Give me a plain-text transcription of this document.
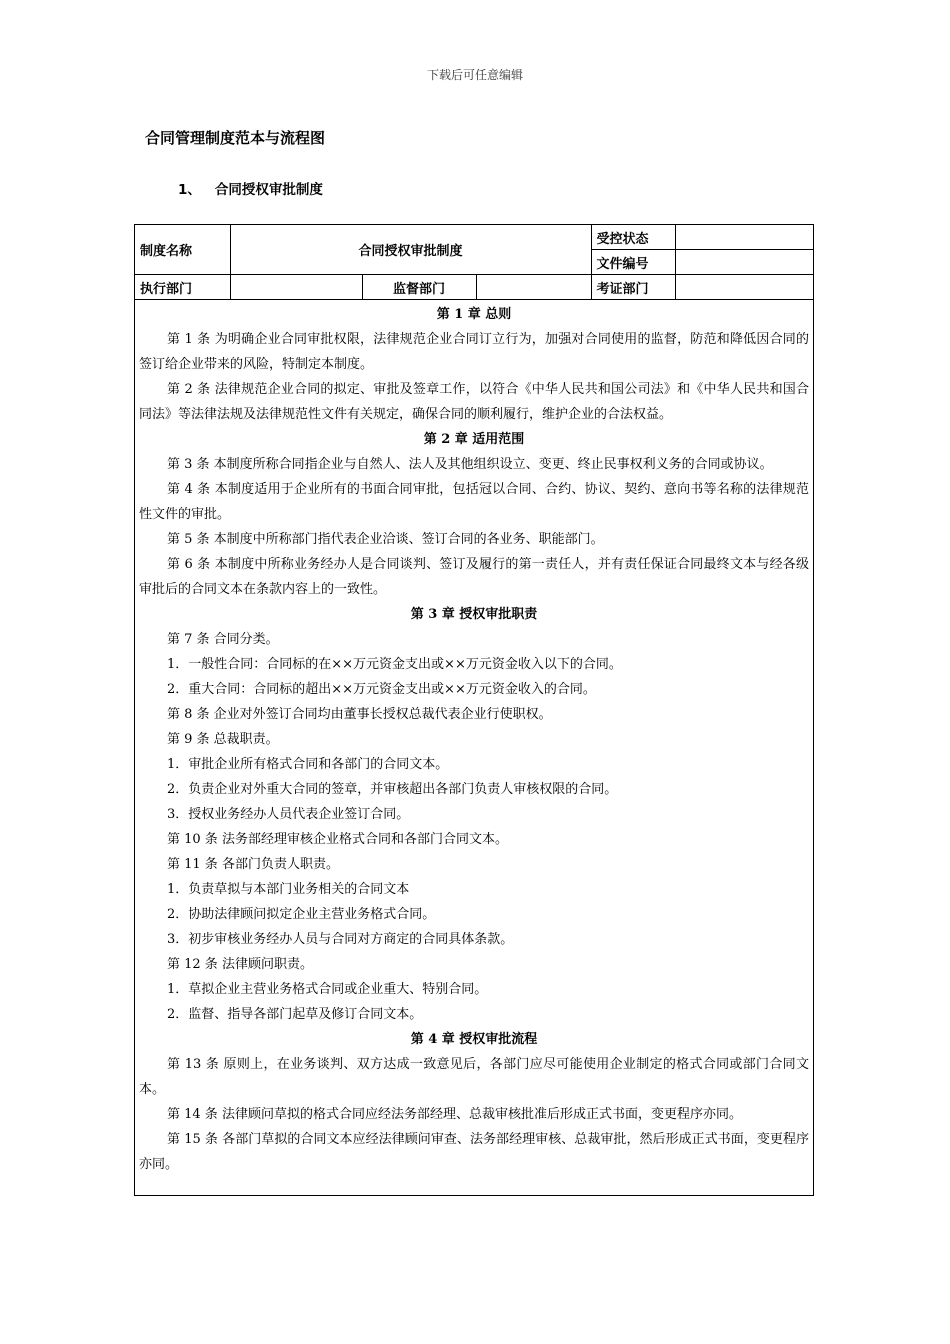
下载后可任意编辑
合同管理制度范本与流程图
1、 合同授权审批制度
制度名称	合同授权审批制度			受控状态	
				文件编号	
执行部门		监督部门		考证部门	

第 1 章 总则

第 1 条 为明确企业合同审批权限，法律规范企业合同订立行为，加强对合同使用的监督，防范和降低因合同的签订给企业带来的风险，特制定本制度。

第 2 条 法律规范企业合同的拟定、审批及签章工作，以符合《中华人民共和国公司法》和《中华人民共和国合同法》等法律法规及法律规范性文件有关规定，确保合同的顺利履行，维护企业的合法权益。

第 2 章 适用范围

第 3 条 本制度所称合同指企业与自然人、法人及其他组织设立、变更、终止民事权利义务的合同或协议。

第 4 条 本制度适用于企业所有的书面合同审批，包括冠以合同、合约、协议、契约、意向书等名称的法律规范性文件的审批。

第 5 条 本制度中所称部门指代表企业洽谈、签订合同的各业务、职能部门。

第 6 条 本制度中所称业务经办人是合同谈判、签订及履行的第一责任人，并有责任保证合同最终文本与经各级审批后的合同文本在条款内容上的一致性。

第 3 章 授权审批职责

第 7 条 合同分类。

1．一般性合同：合同标的在××万元资金支出或××万元资金收入以下的合同。

2．重大合同：合同标的超出××万元资金支出或××万元资金收入的合同。

第 8 条 企业对外签订合同均由董事长授权总裁代表企业行使职权。

第 9 条 总裁职责。

1．审批企业所有格式合同和各部门的合同文本。

2．负责企业对外重大合同的签章，并审核超出各部门负责人审核权限的合同。

3．授权业务经办人员代表企业签订合同。

第 10 条 法务部经理审核企业格式合同和各部门合同文本。

第 11 条 各部门负责人职责。

1．负责草拟与本部门业务相关的合同文本

2．协助法律顾问拟定企业主营业务格式合同。

3．初步审核业务经办人员与合同对方商定的合同具体条款。

第 12 条 法律顾问职责。

1．草拟企业主营业务格式合同或企业重大、特别合同。

2．监督、指导各部门起草及修订合同文本。

第 4 章 授权审批流程

第 13 条 原则上，在业务谈判、双方达成一致意见后，各部门应尽可能使用企业制定的格式合同或部门合同文本。

第 14 条 法律顾问草拟的格式合同应经法务部经理、总裁审核批准后形成正式书面，变更程序亦同。

第 15 条 各部门草拟的合同文本应经法律顾问审查、法务部经理审核、总裁审批，然后形成正式书面，变更程序亦同。
